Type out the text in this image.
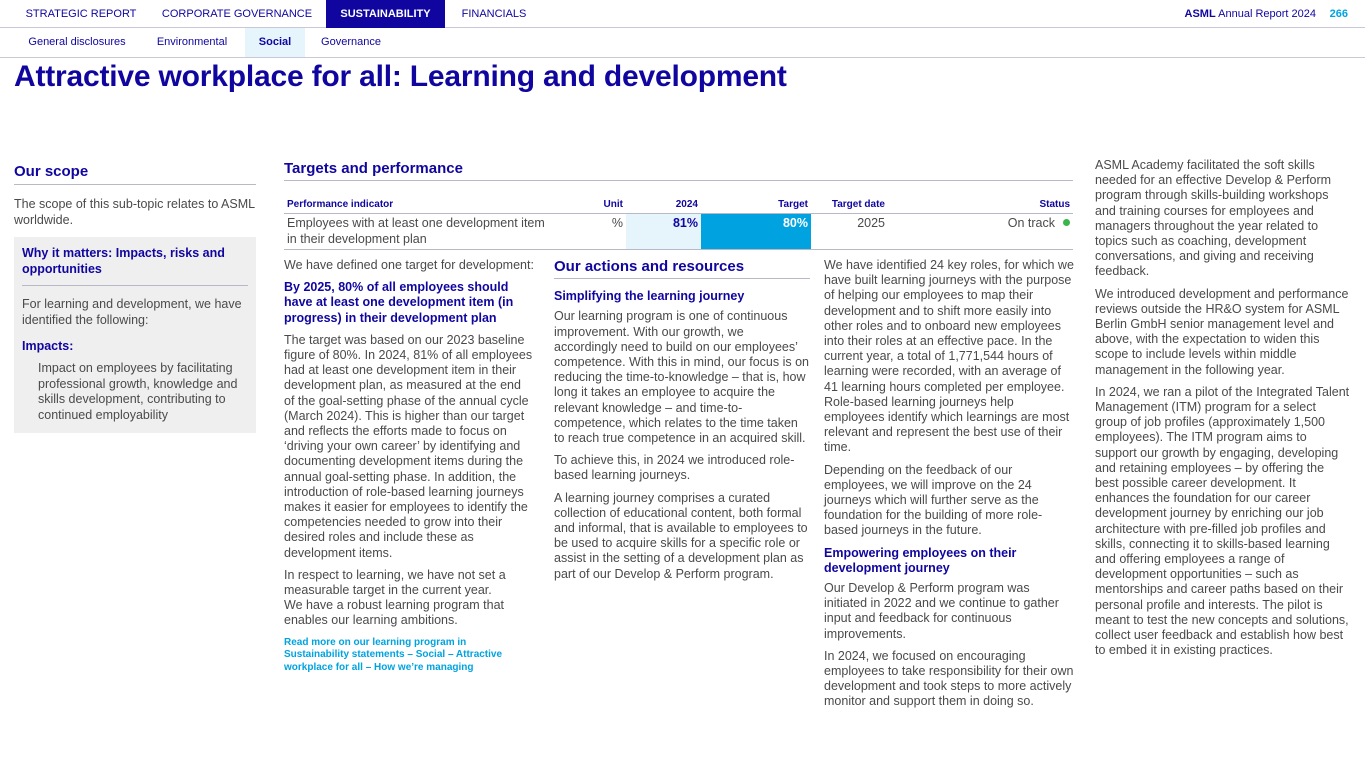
STRATEGIC REPORT	CORPORATE GOVERNANCE	SUSTAINABILITY	FINANCIALS	ASML Annual Report 2024 266
General disclosures	Environmental	Social	Governance
Attractive workplace for all: Learning and development
Our scope

The scope of this sub-topic relates to ASML worldwide.

Why it matters: Impacts, risks and opportunities

For learning and development, we have identified the following:

Impacts:
Impact on employees by facilitating professional growth, knowledge and skills development, contributing to continued employability
Targets and performance
Performance indicator	Unit	2024	Target	Target date	Status
Employees with at least one development item in their development plan	%	81%	80%	2025	On track

We have defined one target for development:

By 2025, 80% of all employees should have at least one development item (in progress) in their development plan

The target was based on our 2023 baseline figure of 80%. In 2024, 81% of all employees had at least one development item in their development plan, as measured at the end of the goal-setting phase of the annual cycle (March 2024). This is higher than our target and reflects the efforts made to focus on ‘driving your own career’ by identifying and documenting development items during the annual goal-setting phase. In addition, the introduction of role-based learning journeys makes it easier for employees to identify the competencies needed to grow into their desired roles and include these as development items.

In respect to learning, we have not set a measurable target in the current year.

We have a robust learning program that enables our learning ambitions.

Read more on our learning program in Sustainability statements – Social – Attractive workplace for all – How we’re managing
Our actions and resources
Simplifying the learning journey

Our learning program is one of continuous improvement. With our growth, we accordingly need to build on our employees’ competence. With this in mind, our focus is on reducing the time-to-knowledge – that is, how long it takes an employee to acquire the relevant knowledge – and time-to-competence, which relates to the time taken to reach true competence in an acquired skill.

To achieve this, in 2024 we introduced role-based learning journeys.

A learning journey comprises a curated collection of educational content, both formal and informal, that is available to employees to be used to acquire skills for a specific role or assist in the setting of a development plan as part of our Develop & Perform program.

We have identified 24 key roles, for which we have built learning journeys with the purpose of helping our employees to map their development and to shift more easily into other roles and to onboard new employees into their roles at an effective pace. In the current year, a total of 1,771,544 hours of learning were recorded, with an average of 41 learning hours completed per employee. Role-based learning journeys help employees identify which learnings are most relevant and represent the best use of their time.

Depending on the feedback of our employees, we will improve on the 24 journeys which will further serve as the foundation for the building of more role-based journeys in the future.

Empowering employees on their development journey

Our Develop & Perform program was initiated in 2022 and we continue to gather input and feedback for continuous improvements.

In 2024, we focused on encouraging employees to take responsibility for their own development and took steps to more actively monitor and support them in doing so.

ASML Academy facilitated the soft skills needed for an effective Develop & Perform program through skills-building workshops and training courses for employees and managers throughout the year related to topics such as coaching, development conversations, and giving and receiving feedback.

We introduced development and performance reviews outside the HR&O system for ASML Berlin GmbH senior management level and above, with the expectation to widen this scope to include levels within middle management in the following year.

In 2024, we ran a pilot of the Integrated Talent Management (ITM) program for a select group of job profiles (approximately 1,500 employees). The ITM program aims to support our growth by engaging, developing and retaining employees – by offering the best possible career development. It enhances the foundation for our career development journey by enriching our job architecture with pre-filled job profiles and skills, connecting it to skills-based learning and offering employees a range of development opportunities – such as mentorships and career paths based on their personal profile and interests. The pilot is meant to test the new concepts and solutions, collect user feedback and establish how best to embed it in existing practices.
